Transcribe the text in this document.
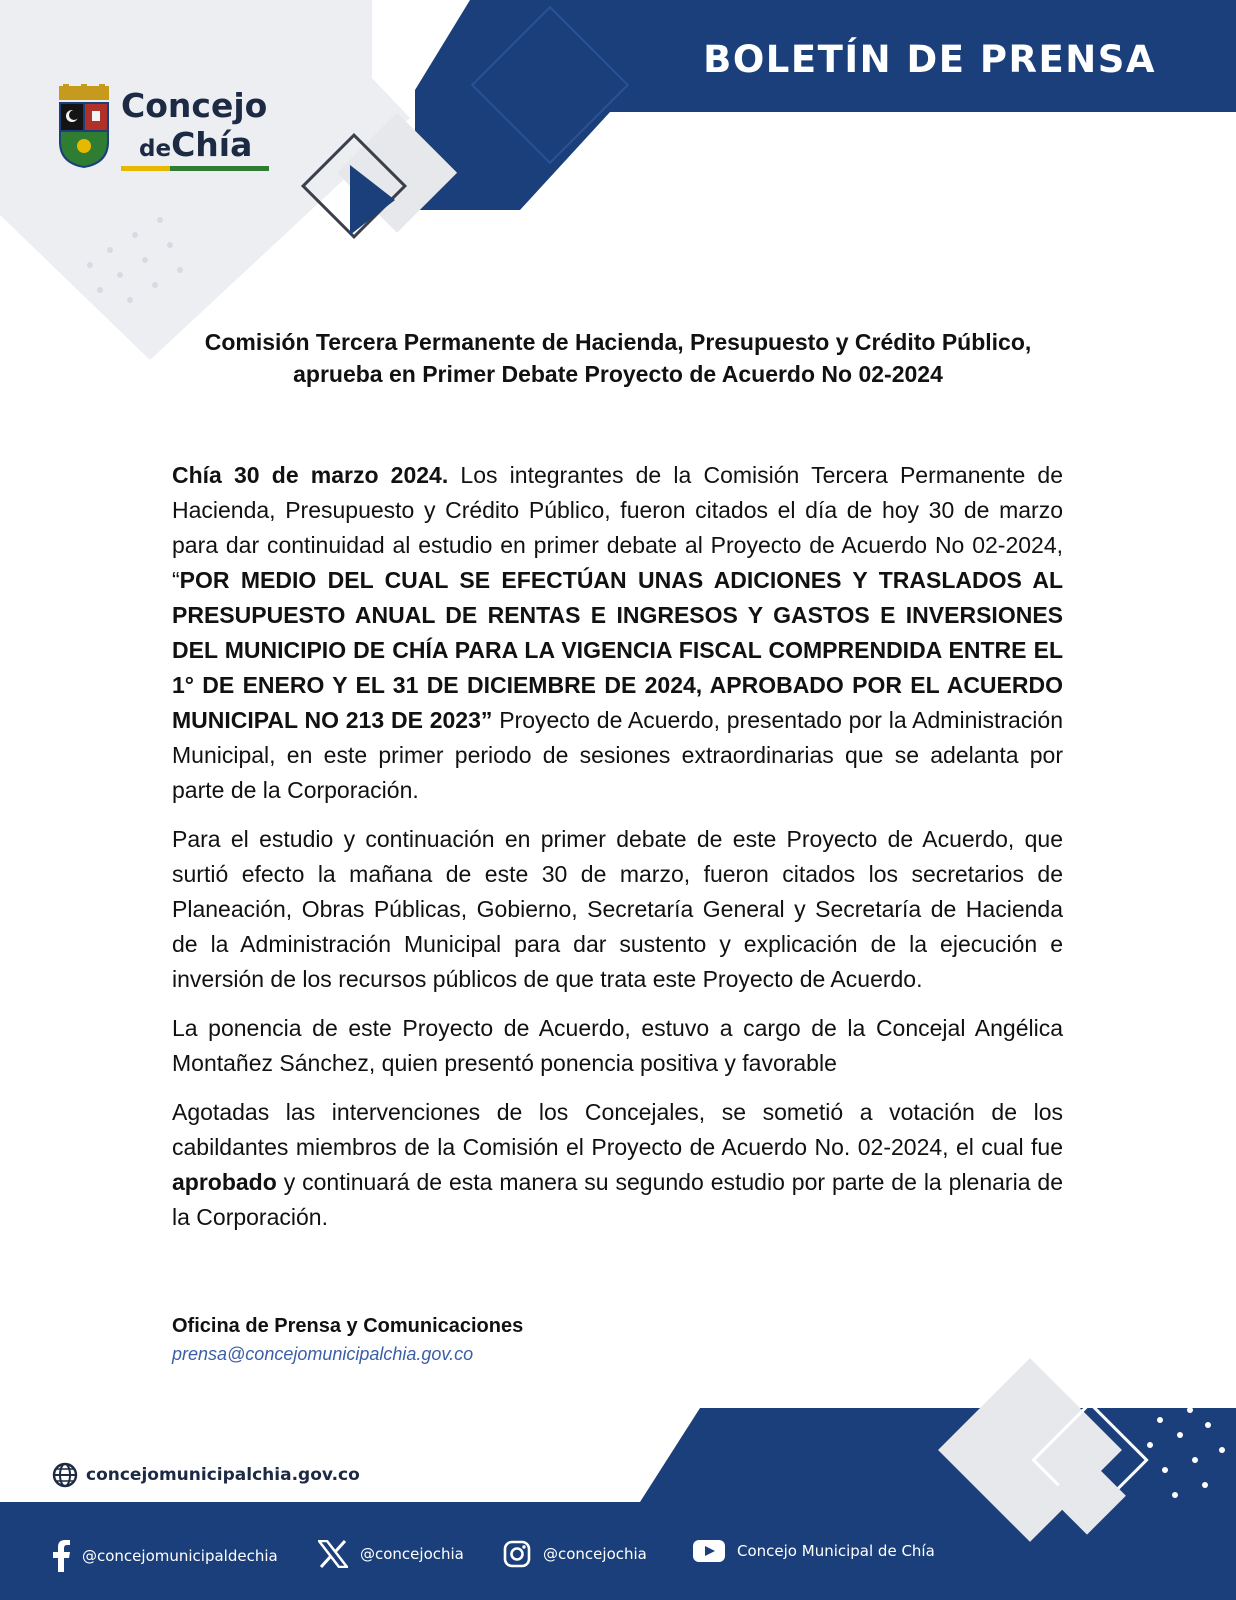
BOLETÍN DE PRENSA
Concejo
deChía
Comisión Tercera Permanente de Hacienda, Presupuesto y Crédito Público,
aprueba en Primer Debate Proyecto de Acuerdo No 02-2024

Chía 30 de marzo 2024. Los integrantes de la Comisión Tercera Permanente de Hacienda, Presupuesto y Crédito Público, fueron citados el día de hoy 30 de marzo para dar continuidad al estudio en primer debate al Proyecto de Acuerdo No 02-2024, “POR MEDIO DEL CUAL SE EFECTÚAN UNAS ADICIONES Y TRASLADOS AL PRESUPUESTO ANUAL DE RENTAS E INGRESOS Y GASTOS E INVERSIONES DEL MUNICIPIO DE CHÍA PARA LA VIGENCIA FISCAL COMPRENDIDA ENTRE EL 1° DE ENERO Y EL 31 DE DICIEMBRE DE 2024, APROBADO POR EL ACUERDO MUNICIPAL NO 213 DE 2023” Proyecto de Acuerdo, presentado por la Administración Municipal, en este primer periodo de sesiones extraordinarias que se adelanta por parte de la Corporación.

Para el estudio y continuación en primer debate de este Proyecto de Acuerdo, que surtió efecto la mañana de este 30 de marzo, fueron citados los secretarios de Planeación, Obras Públicas, Gobierno, Secretaría General y Secretaría de Hacienda de la Administración Municipal para dar sustento y explicación de la ejecución e inversión de los recursos públicos de que trata este Proyecto de Acuerdo.

La ponencia de este Proyecto de Acuerdo, estuvo a cargo de la Concejal Angélica Montañez Sánchez, quien presentó ponencia positiva y favorable

Agotadas las intervenciones de los Concejales, se sometió a votación de los cabildantes miembros de la Comisión el Proyecto de Acuerdo No. 02-2024, el cual fue aprobado y continuará de esta manera su segundo estudio por parte de la plenaria de la Corporación.

Oficina de Prensa y Comunicaciones
prensa@concejomunicipalchia.gov.co
concejomunicipalchia.gov.co
@concejomunicipaldechia	@concejochia	@concejochia	Concejo Municipal de Chía
